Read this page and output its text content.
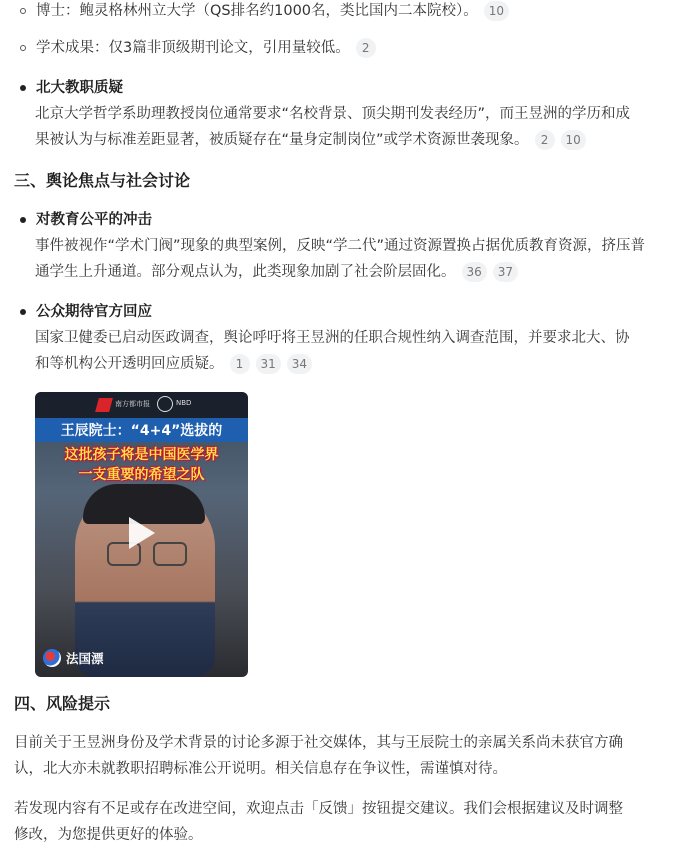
博士：鲍灵格林州立大学（QS排名约1000名，类比国内二本院校）。 10
学术成果：仅3篇非顶级期刊论文，引用量较低。	2
北大教职质疑
北京大学哲学系助理教授岗位通常要求“名校背景、顶尖期刊发表经历”，而王昱洲的学历和成
果被认为与标准差距显著，被质疑存在“量身定制岗位”或学术资源世袭现象。	2	10
三、舆论焦点与社会讨论
对教育公平的冲击
事件被视作“学术门阀”现象的典型案例，反映“学二代”通过资源置换占据优质教育资源，挤压普
通学生上升通道。部分观点认为，此类现象加剧了社会阶层固化。 36	37
公众期待官方回应
国家卫健委已启动医政调查，舆论呼吁将王昱洲的任职合规性纳入调查范围，并要求北大、协
和等机构公开透明回应质疑。	1	31	34
南方都市报	NBD
王辰院士：“4+4”选拔的
这批孩子将是中国医学界
一支重要的希望之队
法国漂
四、风险提示
目前关于王昱洲身份及学术背景的讨论多源于社交媒体，其与王辰院士的亲属关系尚未获官方确
认，北大亦未就教职招聘标准公开说明。相关信息存在争议性，需谨慎对待。
若发现内容有不足或存在改进空间，欢迎点击「反馈」按钮提交建议。我们会根据建议及时调整
修改，为您提供更好的体验。
